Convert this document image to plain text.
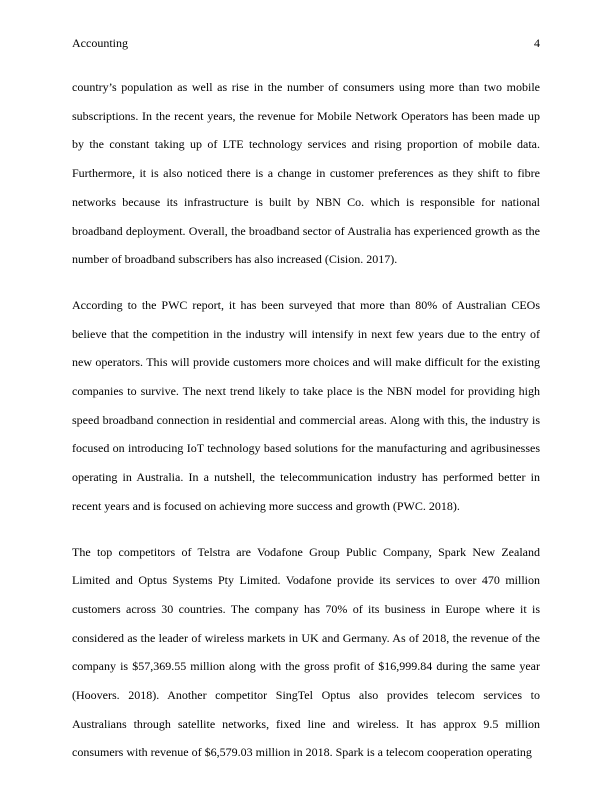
Accounting	4

country’s population as well as rise in the number of consumers using more than two mobile subscriptions. In the recent years, the revenue for Mobile Network Operators has been made up by the constant taking up of LTE technology services and rising proportion of mobile data. Furthermore, it is also noticed there is a change in customer preferences as they shift to fibre networks because its infrastructure is built by NBN Co. which is responsible for national broadband deployment. Overall, the broadband sector of Australia has experienced growth as the number of broadband subscribers has also increased (Cision. 2017).

According to the PWC report, it has been surveyed that more than 80% of Australian CEOs believe that the competition in the industry will intensify in next few years due to the entry of new operators. This will provide customers more choices and will make difficult for the existing companies to survive. The next trend likely to take place is the NBN model for providing high speed broadband connection in residential and commercial areas. Along with this, the industry is focused on introducing IoT technology based solutions for the manufacturing and agribusinesses operating in Australia. In a nutshell, the telecommunication industry has performed better in recent years and is focused on achieving more success and growth (PWC. 2018).

The top competitors of Telstra are Vodafone Group Public Company, Spark New Zealand Limited and Optus Systems Pty Limited. Vodafone provide its services to over 470 million customers across 30 countries. The company has 70% of its business in Europe where it is considered as the leader of wireless markets in UK and Germany. As of 2018, the revenue of the company is $57,369.55 million along with the gross profit of $16,999.84 during the same year (Hoovers. 2018). Another competitor SingTel Optus also provides telecom services to Australians through satellite networks, fixed line and wireless. It has approx 9.5 million consumers with revenue of $6,579.03 million in 2018. Spark is a telecom cooperation operating
